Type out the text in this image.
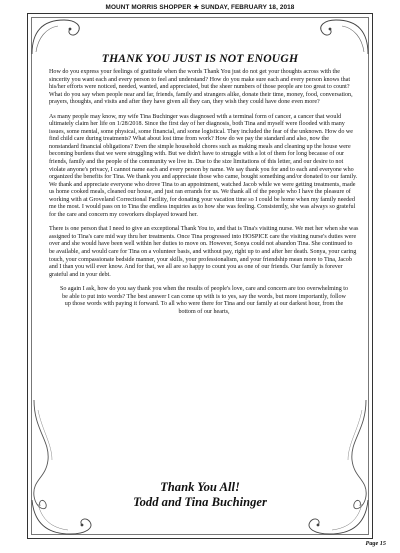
MOUNT MORRIS SHOPPER ★ SUNDAY, FEBRUARY 18, 2018
THANK YOU JUST IS NOT ENOUGH

How do you express your feelings of gratitude when the words Thank You just do not get your thoughts across with the sincerity you want each and every person to feel and understand? How do you make sure each and every person knows that his/her efforts were noticed, needed, wanted, and appreciated, but the sheer numbers of those people are too great to count? What do you say when people near and far, friends, family and strangers alike, donate their time, money, food, conversation, prayers, thoughts, and visits and after they have given all they can, they wish they could have done even more?

As many people may know, my wife Tina Buchinger was diagnosed with a terminal form of cancer, a cancer that would ultimately claim her life on 1/28/2018. Since the first day of her diagnosis, both Tina and myself were flooded with many issues, some mental, some physical, some financial, and some logistical. They included the fear of the unknown. How do we find child care during treatments? What about lost time from work? How do we pay the standard and also, now the nonstandard financial obligations? Even the simple household chores such as making meals and cleaning up the house were becoming burdens that we were struggling with. But we didn't have to struggle with a lot of them for long because of our friends, family and the people of the community we live in. Due to the size limitations of this letter, and our desire to not violate anyone's privacy, I cannot name each and every person by name. We say thank you for and to each and everyone who organized the benefits for Tina. We thank you and appreciate those who came, bought something and/or donated to our family. We thank and appreciate everyone who drove Tina to an appointment, watched Jacob while we were getting treatments, made us home cooked meals, cleaned our house, and just ran errands for us. We thank all of the people who I have the pleasure of working with at Groveland Correctional Facility, for donating your vacation time so I could be home when my family needed me the most. I would pass on to Tina the endless inquiries as to how she was feeling. Consistently, she was always so grateful for the care and concern my coworkers displayed toward her.

There is one person that I need to give an exceptional Thank You to, and that is Tina's visiting nurse. We met her when she was assigned to Tina's care mid way thru her treatments. Once Tina progressed into HOSPICE care the visiting nurse's duties were over and she would have been well within her duties to move on. However, Sonya could not abandon Tina. She continued to be available, and would care for Tina on a volunteer basis, and without pay, right up to and after her death. Sonya, your caring touch, your compassionate bedside manner, your skills, your professionalism, and your friendship mean more to Tina, Jacob and I than you will ever know. And for that, we all are so happy to count you as one of our friends. Our family is forever grateful and in your debt.

So again I ask, how do you say thank you when the results of people's love, care and concern are too overwhelming to be able to put into words? The best answer I can come up with is to yes, say the words, but more importantly, follow up those words with paying it forward. To all who were there for Tina and our family at our darkest hour, from the bottom of our hearts,

Thank You All!
Todd and Tina Buchinger
Page 15
